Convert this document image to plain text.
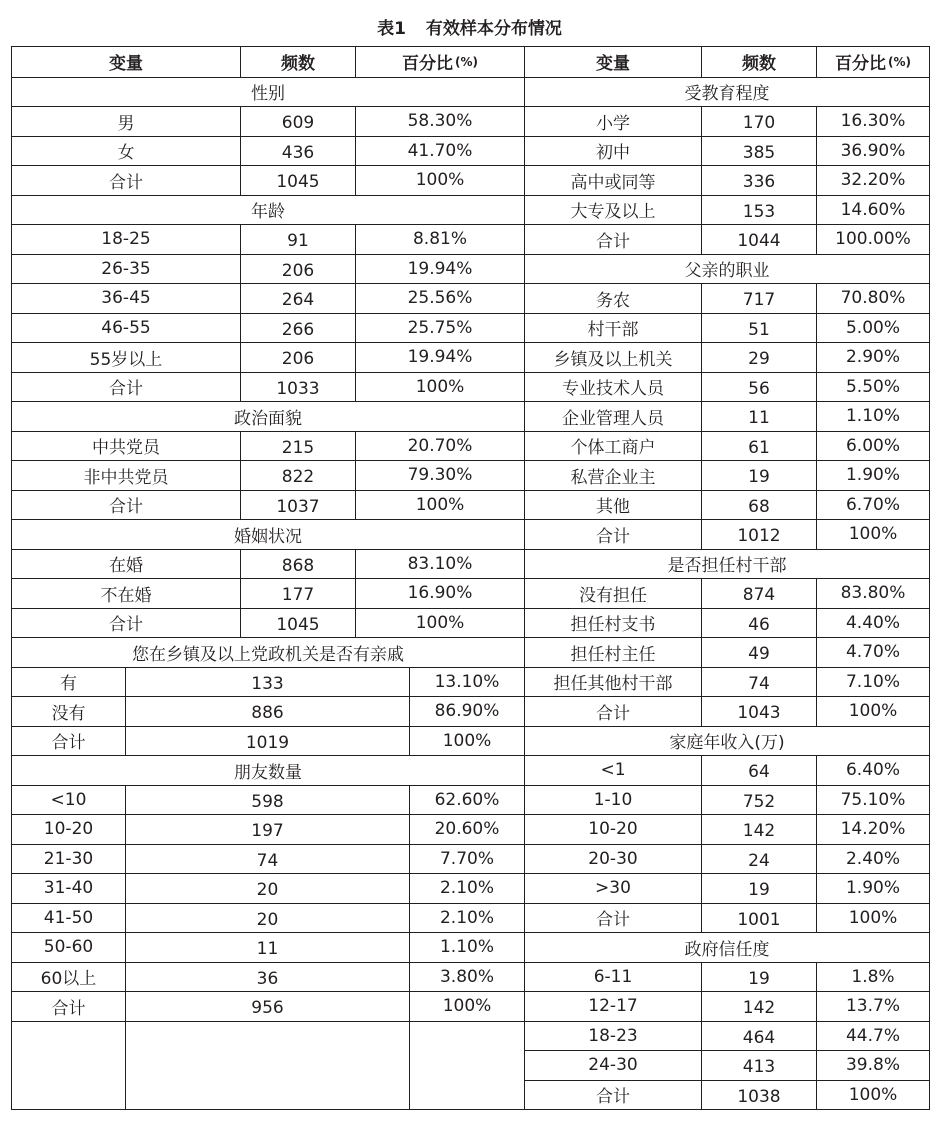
表1 有效样本分布情况
变量	频数	百分比 (%)
性别
男	609	58.30%
女	436	41.70%
合计	1045	100%
年龄
18-25	91	8.81%
26-35	206	19.94%
36-45	264	25.56%
46-55	266	25.75%
55岁以上	206	19.94%
合计	1033	100%
政治面貌
中共党员	215	20.70%
非中共党员	822	79.30%
合计	1037	100%
婚姻状况
在婚	868	83.10%
不在婚	177	16.90%
合计	1045	100%
您在乡镇及以上党政机关是否有亲戚
有	133	13.10%
没有	886	86.90%
合计	1019	100%
朋友数量
<10	598	62.60%
10-20	197	20.60%
21-30	74	7.70%
31-40	20	2.10%
41-50	20	2.10%
50-60	11	1.10%
60以上	36	3.80%
合计	956	100%
变量	频数	百分比 (%)
受教育程度
小学	170	16.30%
初中	385	36.90%
高中或同等	336	32.20%
大专及以上	153	14.60%
合计	1044	100.00%
父亲的职业
务农	717	70.80%
村干部	51	5.00%
乡镇及以上机关	29	2.90%
专业技术人员	56	5.50%
企业管理人员	11	1.10%
个体工商户	61	6.00%
私营企业主	19	1.90%
其他	68	6.70%
合计	1012	100%
是否担任村干部
没有担任	874	83.80%
担任村支书	46	4.40%
担任村主任	49	4.70%
担任其他村干部	74	7.10%
合计	1043	100%
家庭年收入(万)
<1	64	6.40%
1-10	752	75.10%
10-20	142	14.20%
20-30	24	2.40%
>30	19	1.90%
合计	1001	100%
政府信任度
6-11	19	1.8%
12-17	142	13.7%
18-23	464	44.7%
24-30	413	39.8%
合计	1038	100%
